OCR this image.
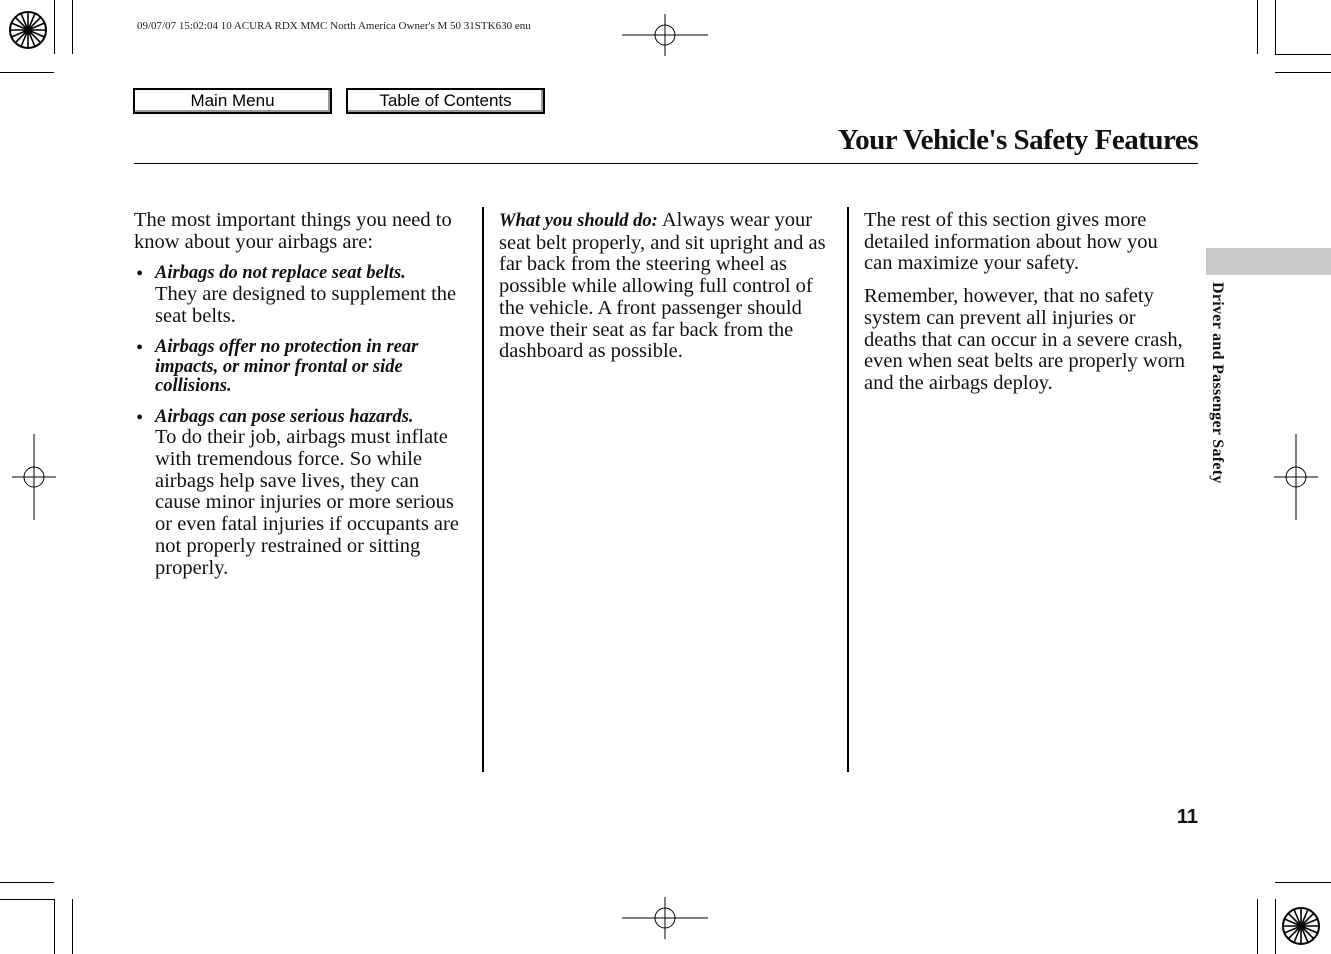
09/07/07 15:02:04 10 ACURA RDX MMC North America Owner's M 50 31STK630 enu
Main Menu	Table of Contents
Your Vehicle's Safety Features

The most important things you need to know about your airbags are:

• Airbags do not replace seat belts.
They are designed to supplement the seat belts.
• Airbags offer no protection in rear impacts, or minor frontal or side collisions.
• Airbags can pose serious hazards.
To do their job, airbags must inflate with tremendous force. So while airbags help save lives, they can cause minor injuries or more serious or even fatal injuries if occupants are not properly restrained or sitting properly.

What you should do: Always wear your seat belt properly, and sit upright and as far back from the steering wheel as possible while allowing full control of the vehicle. A front passenger should move their seat as far back from the dashboard as possible.

The rest of this section gives more detailed information about how you can maximize your safety.

Remember, however, that no safety system can prevent all injuries or deaths that can occur in a severe crash, even when seat belts are properly worn and the airbags deploy.	Driver and Passenger Safety
11
